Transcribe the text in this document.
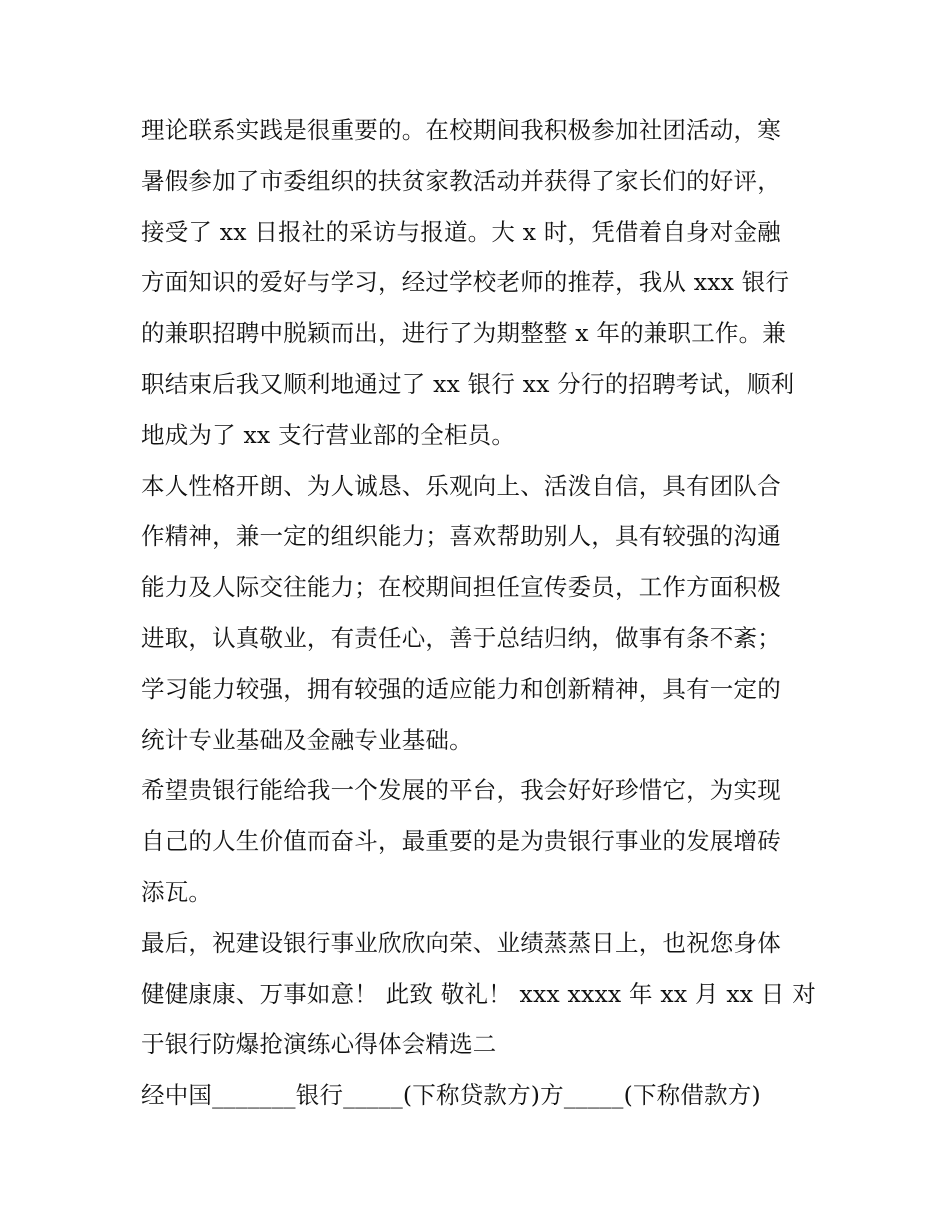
理论联系实践是很重要的。在校期间我积极参加社团活动，寒
暑假参加了市委组织的扶贫家教活动并获得了家长们的好评，
接受了 xx 日报社的采访与报道。大 x 时，凭借着自身对金融
方面知识的爱好与学习，经过学校老师的推荐，我从 xxx 银行
的兼职招聘中脱颖而出，进行了为期整整 x 年的兼职工作。兼
职结束后我又顺利地通过了 xx 银行 xx 分行的招聘考试，顺利
地成为了 xx 支行营业部的全柜员。
本人性格开朗、为人诚恳、乐观向上、活泼自信，具有团队合
作精神，兼一定的组织能力；喜欢帮助别人，具有较强的沟通
能力及人际交往能力；在校期间担任宣传委员，工作方面积极
进取，认真敬业，有责任心，善于总结归纳，做事有条不紊；
学习能力较强，拥有较强的适应能力和创新精神，具有一定的
统计专业基础及金融专业基础。
希望贵银行能给我一个发展的平台，我会好好珍惜它，为实现
自己的人生价值而奋斗，最重要的是为贵银行事业的发展增砖
添瓦。
最后，祝建设银行事业欣欣向荣、业绩蒸蒸日上，也祝您身体
健健康康、万事如意！ 此致 敬礼！ xxx xxxx 年 xx 月 xx 日 对
于银行防爆抢演练心得体会精选二
经中国_______银行_____(下称贷款方)方_____(下称借款方)
